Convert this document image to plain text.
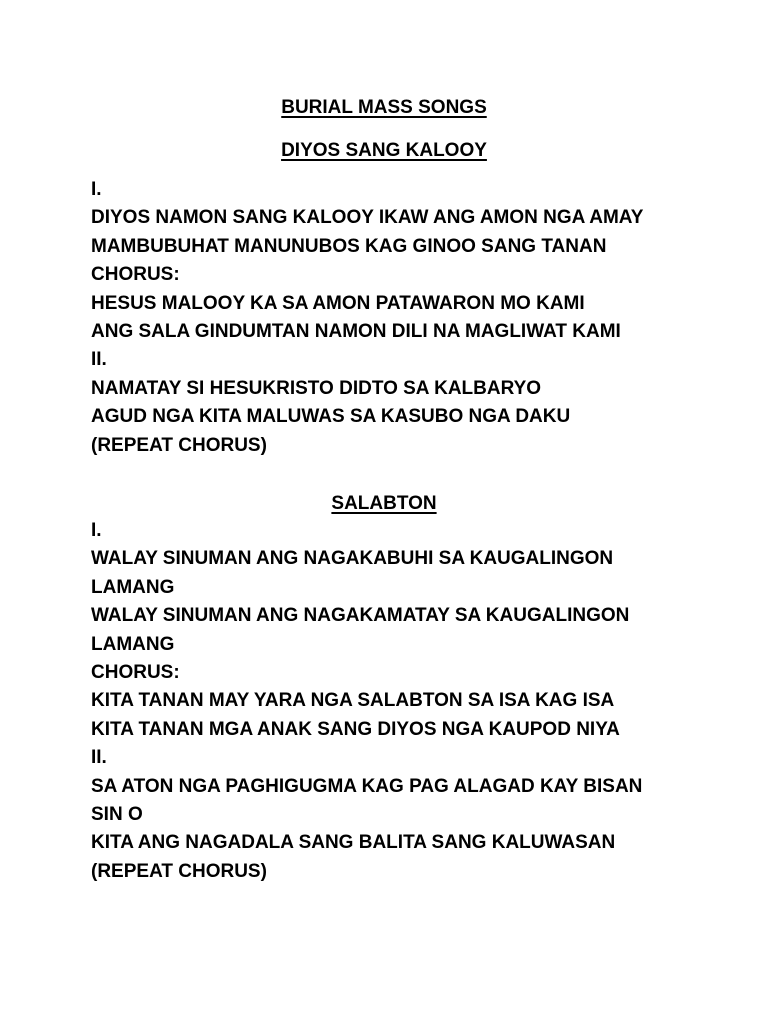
BURIAL MASS SONGS
DIYOS SANG KALOOY
I.
DIYOS NAMON SANG KALOOY IKAW ANG AMON NGA AMAY
MAMBUBUHAT MANUNUBOS KAG GINOO SANG TANAN
CHORUS:
HESUS MALOOY KA SA AMON PATAWARON MO KAMI
ANG SALA GINDUMTAN NAMON DILI NA MAGLIWAT KAMI
II.
NAMATAY SI HESUKRISTO DIDTO SA KALBARYO
AGUD NGA KITA MALUWAS SA KASUBO NGA DAKU
(REPEAT CHORUS)
SALABTON
I.
WALAY SINUMAN ANG NAGAKABUHI SA KAUGALINGON
LAMANG
WALAY SINUMAN ANG NAGAKAMATAY SA KAUGALINGON
LAMANG
CHORUS:
KITA TANAN MAY YARA NGA SALABTON SA ISA KAG ISA
KITA TANAN MGA ANAK SANG DIYOS NGA KAUPOD NIYA
II.
SA ATON NGA PAGHIGUGMA KAG PAG ALAGAD KAY BISAN
SIN O
KITA ANG NAGADALA SANG BALITA SANG KALUWASAN
(REPEAT CHORUS)
